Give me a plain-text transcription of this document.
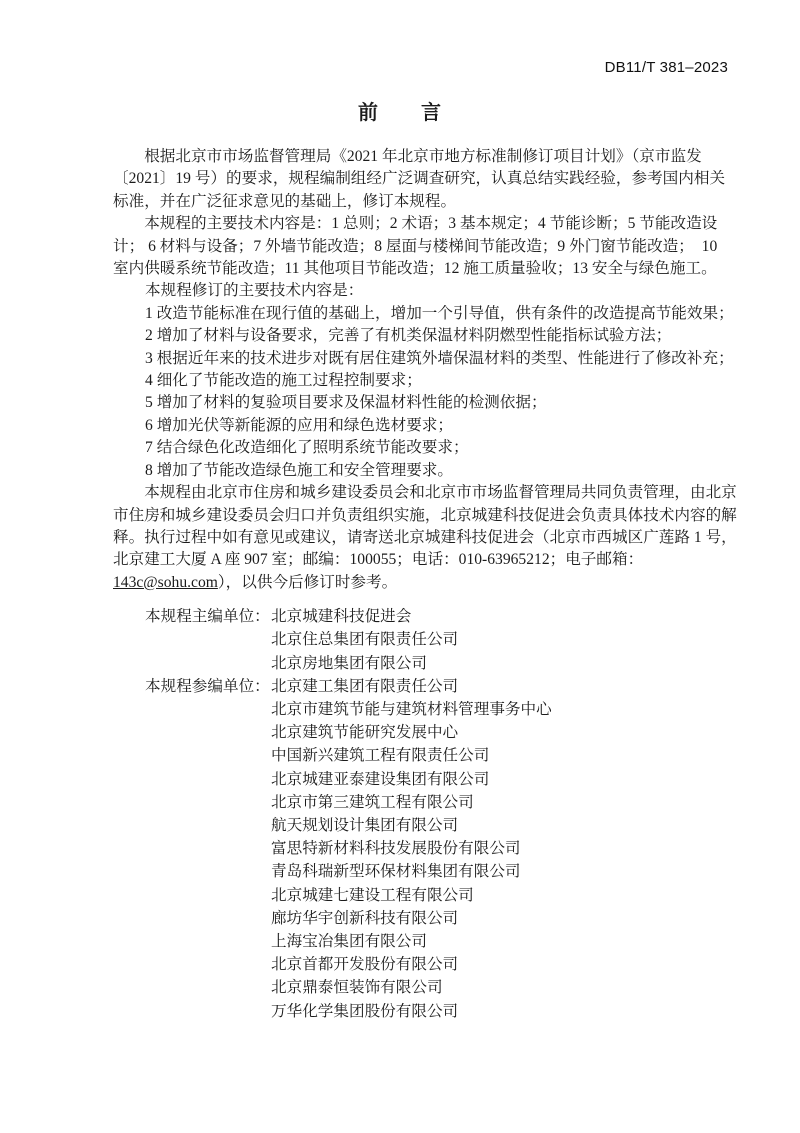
DB11/T 381–2023
前　　言
根据北京市市场监督管理局《2021 年北京市地方标准制修订项目计划》（京市监发
〔2021〕19 号）的要求，规程编制组经广泛调查研究，认真总结实践经验，参考国内相关
标准，并在广泛征求意见的基础上，修订本规程。
本规程的主要技术内容是：1 总则；2 术语；3 基本规定；4 节能诊断；5 节能改造设
计； 6 材料与设备；7 外墙节能改造；8 屋面与楼梯间节能改造；9 外门窗节能改造；  10
室内供暖系统节能改造；11 其他项目节能改造；12 施工质量验收；13 安全与绿色施工。
本规程修订的主要技术内容是：
1 改造节能标准在现行值的基础上，增加一个引导值，供有条件的改造提高节能效果；
2 增加了材料与设备要求，完善了有机类保温材料阴燃型性能指标试验方法；
3 根据近年来的技术进步对既有居住建筑外墙保温材料的类型、性能进行了修改补充；
4 细化了节能改造的施工过程控制要求；
5 增加了材料的复验项目要求及保温材料性能的检测依据；
6 增加光伏等新能源的应用和绿色选材要求；
7 结合绿色化改造细化了照明系统节能改要求；
8 增加了节能改造绿色施工和安全管理要求。
本规程由北京市住房和城乡建设委员会和北京市市场监督管理局共同负责管理，由北京
市住房和城乡建设委员会归口并负责组织实施，北京城建科技促进会负责具体技术内容的解
释。执行过程中如有意见或建议，请寄送北京城建科技促进会（北京市西城区广莲路 1 号，
北京建工大厦 A 座 907 室；邮编：100055；电话：010-63965212；电子邮箱：
143c@sohu.com），以供今后修订时参考。
本规程主编单位： 北京城建科技促进会
北京住总集团有限责任公司
北京房地集团有限公司
本规程参编单位： 北京建工集团有限责任公司
北京市建筑节能与建筑材料管理事务中心
北京建筑节能研究发展中心
中国新兴建筑工程有限责任公司
北京城建亚泰建设集团有限公司
北京市第三建筑工程有限公司
航天规划设计集团有限公司
富思特新材料科技发展股份有限公司
青岛科瑞新型环保材料集团有限公司
北京城建七建设工程有限公司
廊坊华宇创新科技有限公司
上海宝冶集团有限公司
北京首都开发股份有限公司
北京鼎泰恒装饰有限公司
万华化学集团股份有限公司
